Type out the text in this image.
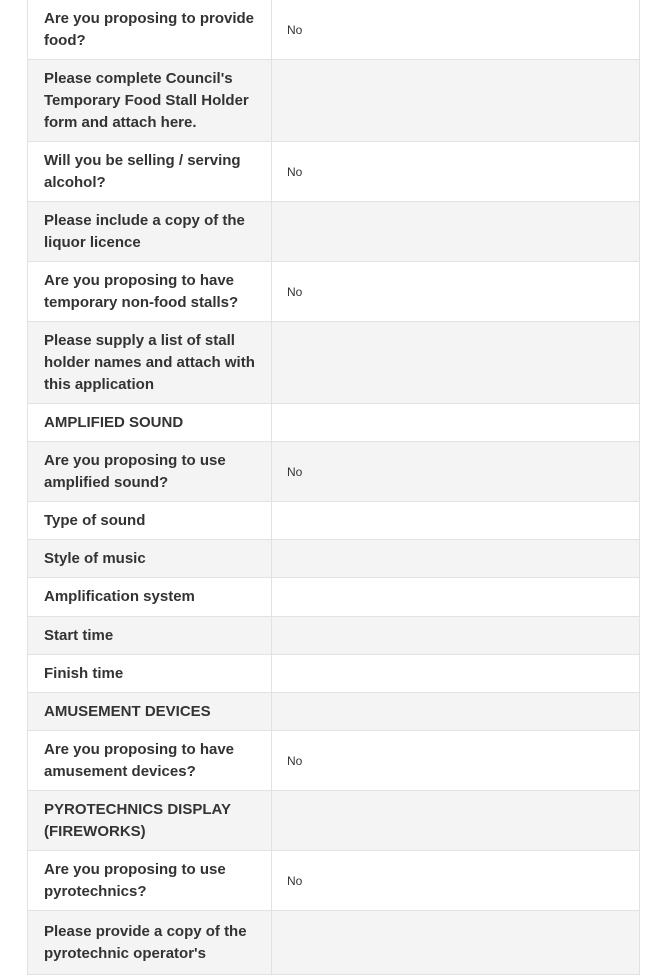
Are you proposing to provide food?
No
Please complete Council's Temporary Food Stall Holder form and attach here.
Will you be selling / serving alcohol?
No
Please include a copy of the liquor licence
Are you proposing to have temporary non-food stalls?
No
Please supply a list of stall holder names and attach with this application
AMPLIFIED SOUND
Are you proposing to use amplified sound?
No
Type of sound
Style of music
Amplification system
Start time
Finish time
AMUSEMENT DEVICES
Are you proposing to have amusement devices?
No
PYROTECHNICS DISPLAY (FIREWORKS)
Are you proposing to use pyrotechnics?
No
Please provide a copy of the pyrotechnic operator's
